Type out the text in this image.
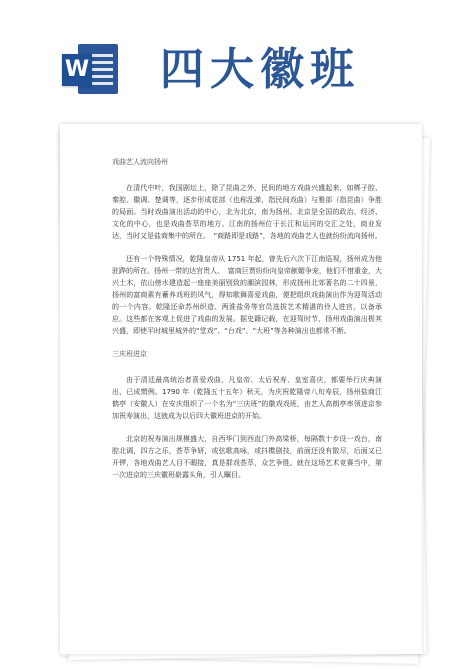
W 四大徽班

戏曲艺人流向扬州

在清代中叶，我国剧坛上，除了昆曲之外，民间的地方戏曲兴盛起来，如梆子腔、秦腔、徽调、楚调等，逐步形成花部（也称乱弹，指民间戏曲）与雅部（指昆曲）争胜的局面。当时戏曲演出活动的中心，北为北京，南为扬州。北京是全国的政治、经济、文化的中心，也是戏曲荟萃的地方。江南的扬州位于长江和运河的交汇之处，商业发达，当时又是盐商集中的所在。　“商路即是戏路”，各地的戏曲艺人也就纷纷流向扬州。

还有一个特殊情况，乾隆皇帝从 1751 年起，曾先后六次下江南巡视，扬州成为他驻跸的所在。扬州一带的达官贵人、　富商巨贾纷纷向皇帝献媚争宠，他们不惜重金，大兴土木，依山傍水建造起一座座美丽别致的潮滨园林，形成扬州北郊著名的二十四景，扬州的富商素有蓄养戏班的风气，得知歌舞喜爱戏曲，便把组织戏曲演出作为迎驾活动的一个内容。乾隆还命苏州织造、两淮盐务等官员选拔艺术精湛的伶人进宫，以备承应。这些都在客观上促进了戏曲的发展。据史籍记载，在迎驾时节，扬州戏曲演出极其兴盛，即使平时城里城外的“堂戏”、“台戏”、“大班”等各种演出也都常不断。

三庆班进京

由于清廷最高统治者喜爱戏曲，凡皇帝、太后祝寿、皇室喜庆，都要举行庆典演出，已成惯例。1790 年（乾隆五十五年）秋天，为庆祝乾隆帝八旬寿辰，扬州盐商江鹤亭（安徽人）在安庆组织了一个名为“三庆班”的徽戏戏班，由艺人高朗亭率领进京参加祝寿演出，这就成为以后四大徽班进京的开始。

北京的祝寿演出规模盛大，自西华门到西直门外高梁桥，每隔数十步设一戏台，南腔北调，四方之乐，荟萃争妍，或弦歌高咏，或抖擞剧技，前面还没有散尽，后面又已开锣，各地戏曲艺人目不暇接，真是群戏荟萃，众艺争胜。就在这场艺术竞赛当中，第一次进京的三庆徽班崭露头角，引人瞩目。
